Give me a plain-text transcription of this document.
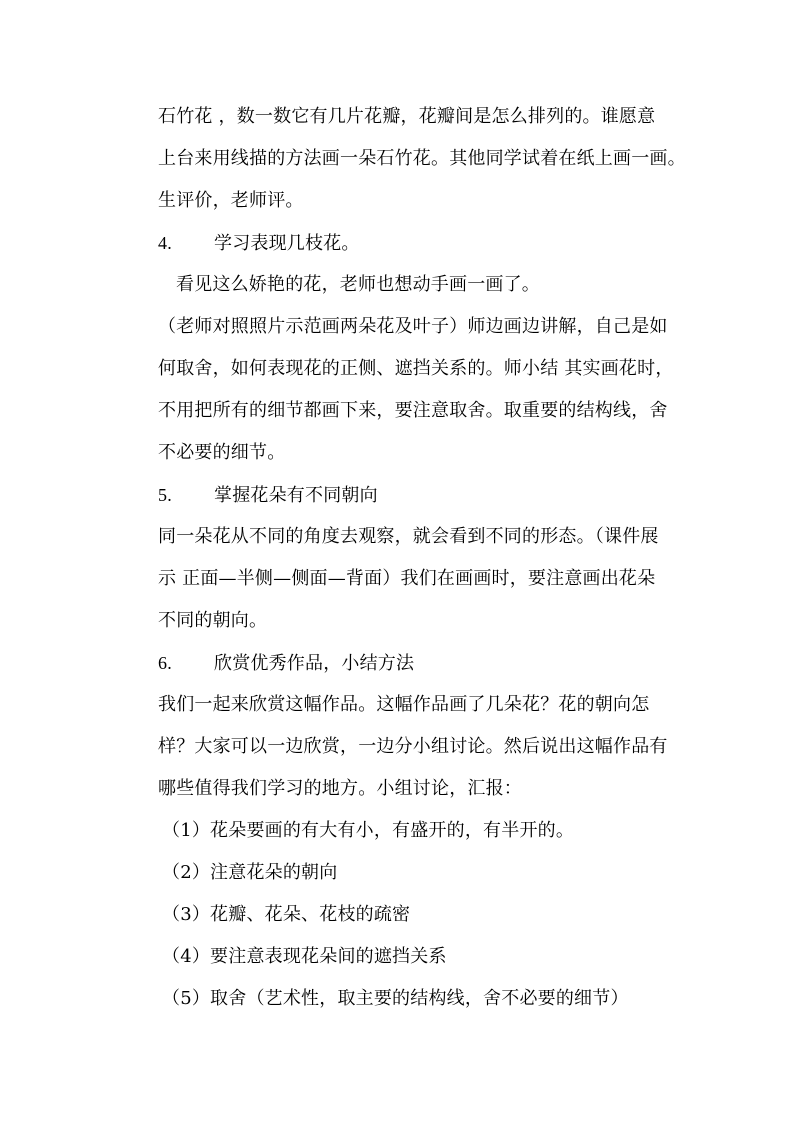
石竹花 ，数一数它有几片花瓣，花瓣间是怎么排列的。谁愿意
上台来用线描的方法画一朵石竹花。其他同学试着在纸上画一画。
生评价，老师评。
4. 学习表现几枝花。
看见这么娇艳的花，老师也想动手画一画了。
（老师对照照片示范画两朵花及叶子）师边画边讲解，自己是如
何取舍，如何表现花的正侧、遮挡关系的。师小结 其实画花时，
不用把所有的细节都画下来，要注意取舍。取重要的结构线，舍
不必要的细节。
5. 掌握花朵有不同朝向
同一朵花从不同的角度去观察，就会看到不同的形态。（课件展
示 正面—半侧—侧面—背面）我们在画画时，要注意画出花朵
不同的朝向。
6. 欣赏优秀作品，小结方法
我们一起来欣赏这幅作品。这幅作品画了几朵花？花的朝向怎
样？大家可以一边欣赏，一边分小组讨论。然后说出这幅作品有
哪些值得我们学习的地方。小组讨论，汇报：
（1）花朵要画的有大有小，有盛开的，有半开的。
（2）注意花朵的朝向
（3）花瓣、花朵、花枝的疏密
（4）要注意表现花朵间的遮挡关系
（5）取舍（艺术性，取主要的结构线，舍不必要的细节）
